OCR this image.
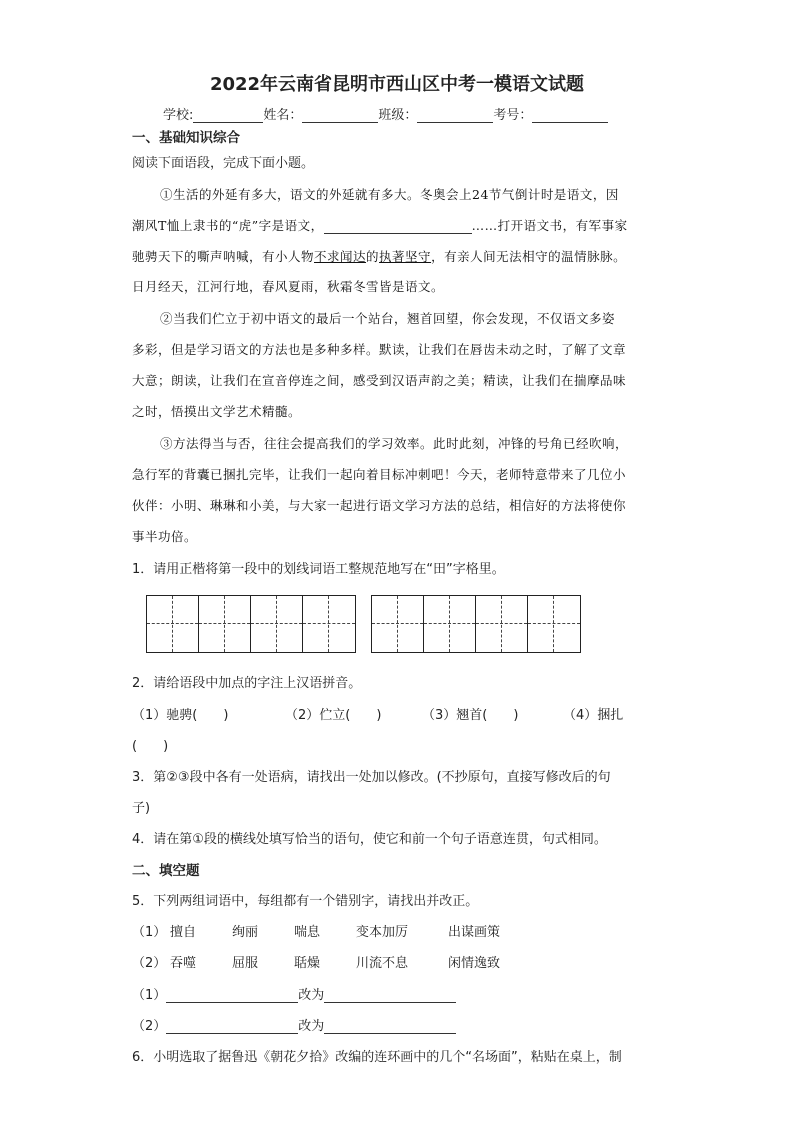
2022年云南省昆明市西山区中考一模语文试题
学校:	姓名：	班级：	考号：
一、基础知识综合
阅读下面语段，完成下面小题。
①生活的外延有多大，语文的外延就有多大。冬奥会上24节气倒计时是语文，因
潮风T恤上隶书的“虎”字是语文，	……打开语文书，有军事家
驰骋天下的嘶声呐喊，有小人物不求闻达的执著坚守，有亲人间无法相守的温情脉脉。
日月经天，江河行地，春风夏雨，秋霜冬雪皆是语文。
②当我们伫立于初中语文的最后一个站台，翘首回望，你会发现，不仅语文多姿
多彩，但是学习语文的方法也是多种多样。默读，让我们在唇齿未动之时，了解了文章
大意；朗读，让我们在宣音停连之间，感受到汉语声韵之美；精读，让我们在揣摩品味
之时，悟摸出文学艺术精髓。
③方法得当与否，往往会提高我们的学习效率。此时此刻，冲锋的号角已经吹响，
急行军的背囊已捆扎完毕，让我们一起向着目标冲刺吧！今天，老师特意带来了几位小
伙伴：小明、琳琳和小美，与大家一起进行语文学习方法的总结，相信好的方法将使你
事半功倍。
1．请用正楷将第一段中的划线词语工整规范地写在“田”字格里。
2．请给语段中加点的字注上汉语拼音。
（1）驰骋(　　)	（2）伫立(　　)	（3）翘首(　　)	（4）捆扎
(　　)
3．第②③段中各有一处语病，请找出一处加以修改。(不抄原句，直接写修改后的句
子)
4．请在第①段的横线处填写恰当的语句，使它和前一个句子语意连贯，句式相同。
二、填空题
5．下列两组词语中，每组都有一个错别字，请找出并改正。
（1） 擅自	绚丽	喘息	变本加厉	出谋画策
（2） 吞噬	屈服	聒燥	川流不息	闲情逸致
（1）	改为
（2）	改为
6．小明选取了据鲁迅《朝花夕拾》改编的连环画中的几个“名场面”，粘贴在桌上，制
